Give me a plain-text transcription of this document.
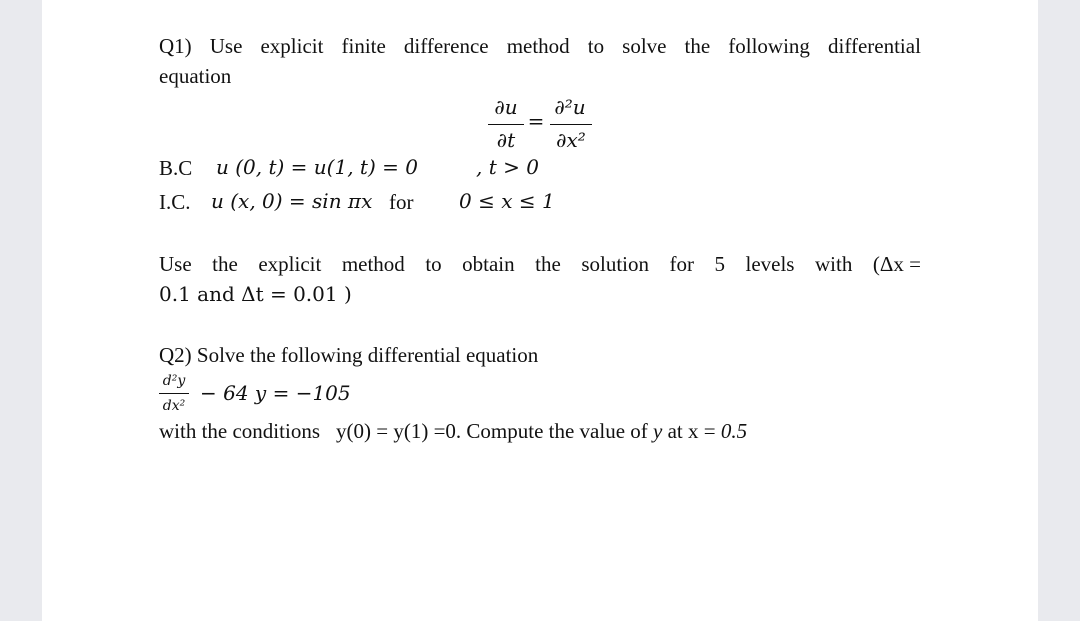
Q1) Use explicit finite difference method to solve the following differential
equation
∂u
∂t
=
∂²u
∂x²
B.C u (0, t) = u(1, t) = 0	, t > 0
I.C. u (x, 0) = sin πx for 0 ≤ x ≤ 1
Use the explicit method to obtain the solution for 5 levels with (Δx =
0.1 and Δt = 0.01 )
Q2) Solve the following differential equation
d²y
dx²
− 64 y = −105
with the conditions y(0) = y(1) =0. Compute the value of y at x = 0.5
